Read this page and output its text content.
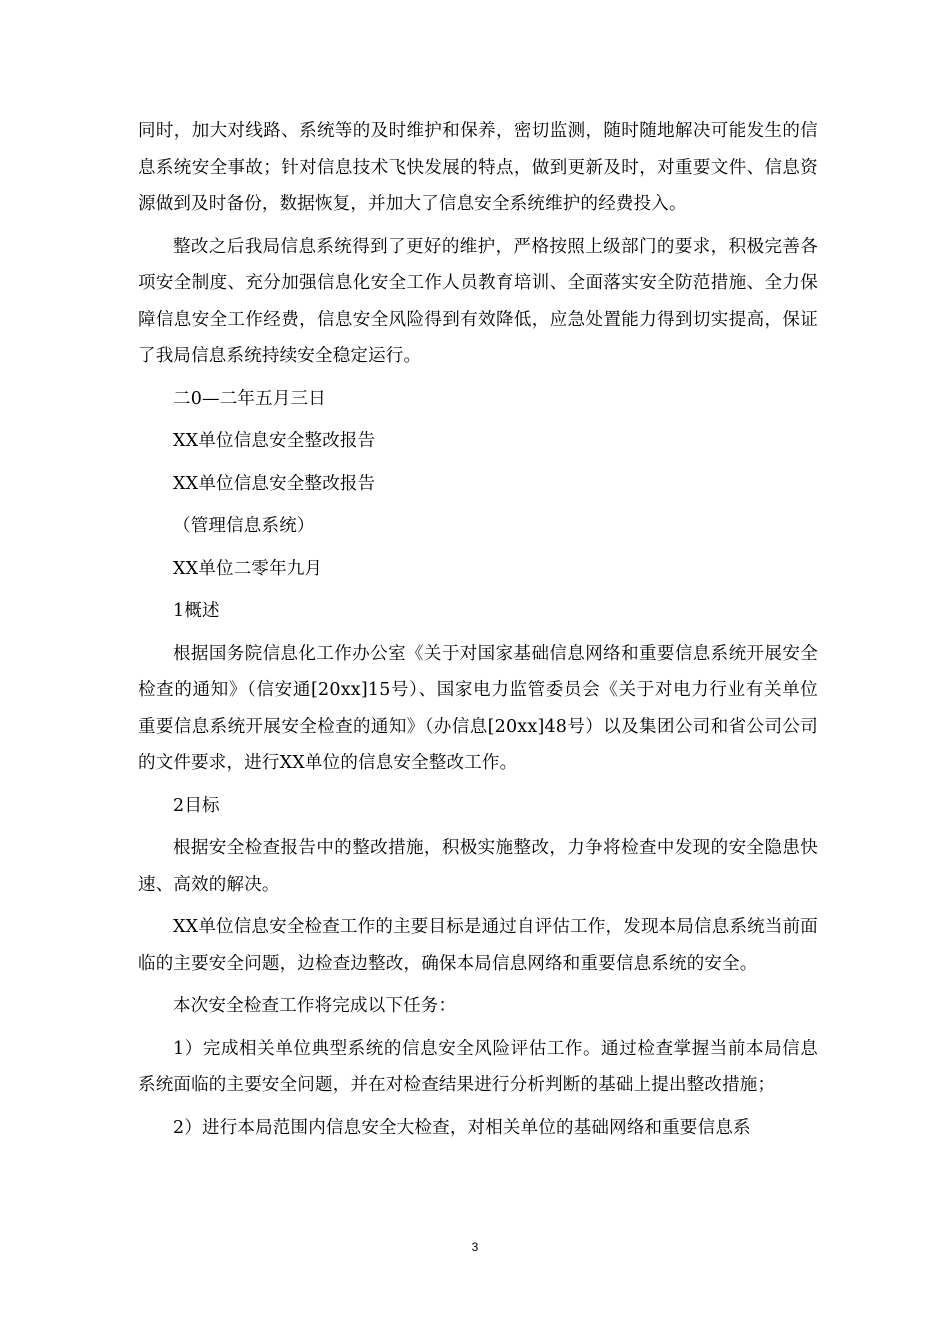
同时，加大对线路、系统等的及时维护和保养，密切监测，随时随地解决可能发生的信息系统安全事故；针对信息技术飞快发展的特点，做到更新及时，对重要文件、信息资源做到及时备份，数据恢复，并加大了信息安全系统维护的经费投入。

整改之后我局信息系统得到了更好的维护，严格按照上级部门的要求，积极完善各项安全制度、充分加强信息化安全工作人员教育培训、全面落实安全防范措施、全力保障信息安全工作经费，信息安全风险得到有效降低，应急处置能力得到切实提高，保证了我局信息系统持续安全稳定运行。

二0—二年五月三日

XX单位信息安全整改报告

XX单位信息安全整改报告

（管理信息系统）

XX单位二零年九月

1概述

根据国务院信息化工作办公室《关于对国家基础信息网络和重要信息系统开展安全检查的通知》（信安通[20xx]15号）、国家电力监管委员会《关于对电力行业有关单位重要信息系统开展安全检查的通知》（办信息[20xx]48号）以及集团公司和省公司公司的文件要求，进行XX单位的信息安全整改工作。

2目标

根据安全检查报告中的整改措施，积极实施整改，力争将检查中发现的安全隐患快速、高效的解决。

XX单位信息安全检查工作的主要目标是通过自评估工作，发现本局信息系统当前面临的主要安全问题，边检查边整改，确保本局信息网络和重要信息系统的安全。

本次安全检查工作将完成以下任务：

1）完成相关单位典型系统的信息安全风险评估工作。通过检查掌握当前本局信息系统面临的主要安全问题，并在对检查结果进行分析判断的基础上提出整改措施；

2）进行本局范围内信息安全大检查，对相关单位的基础网络和重要信息系

3
